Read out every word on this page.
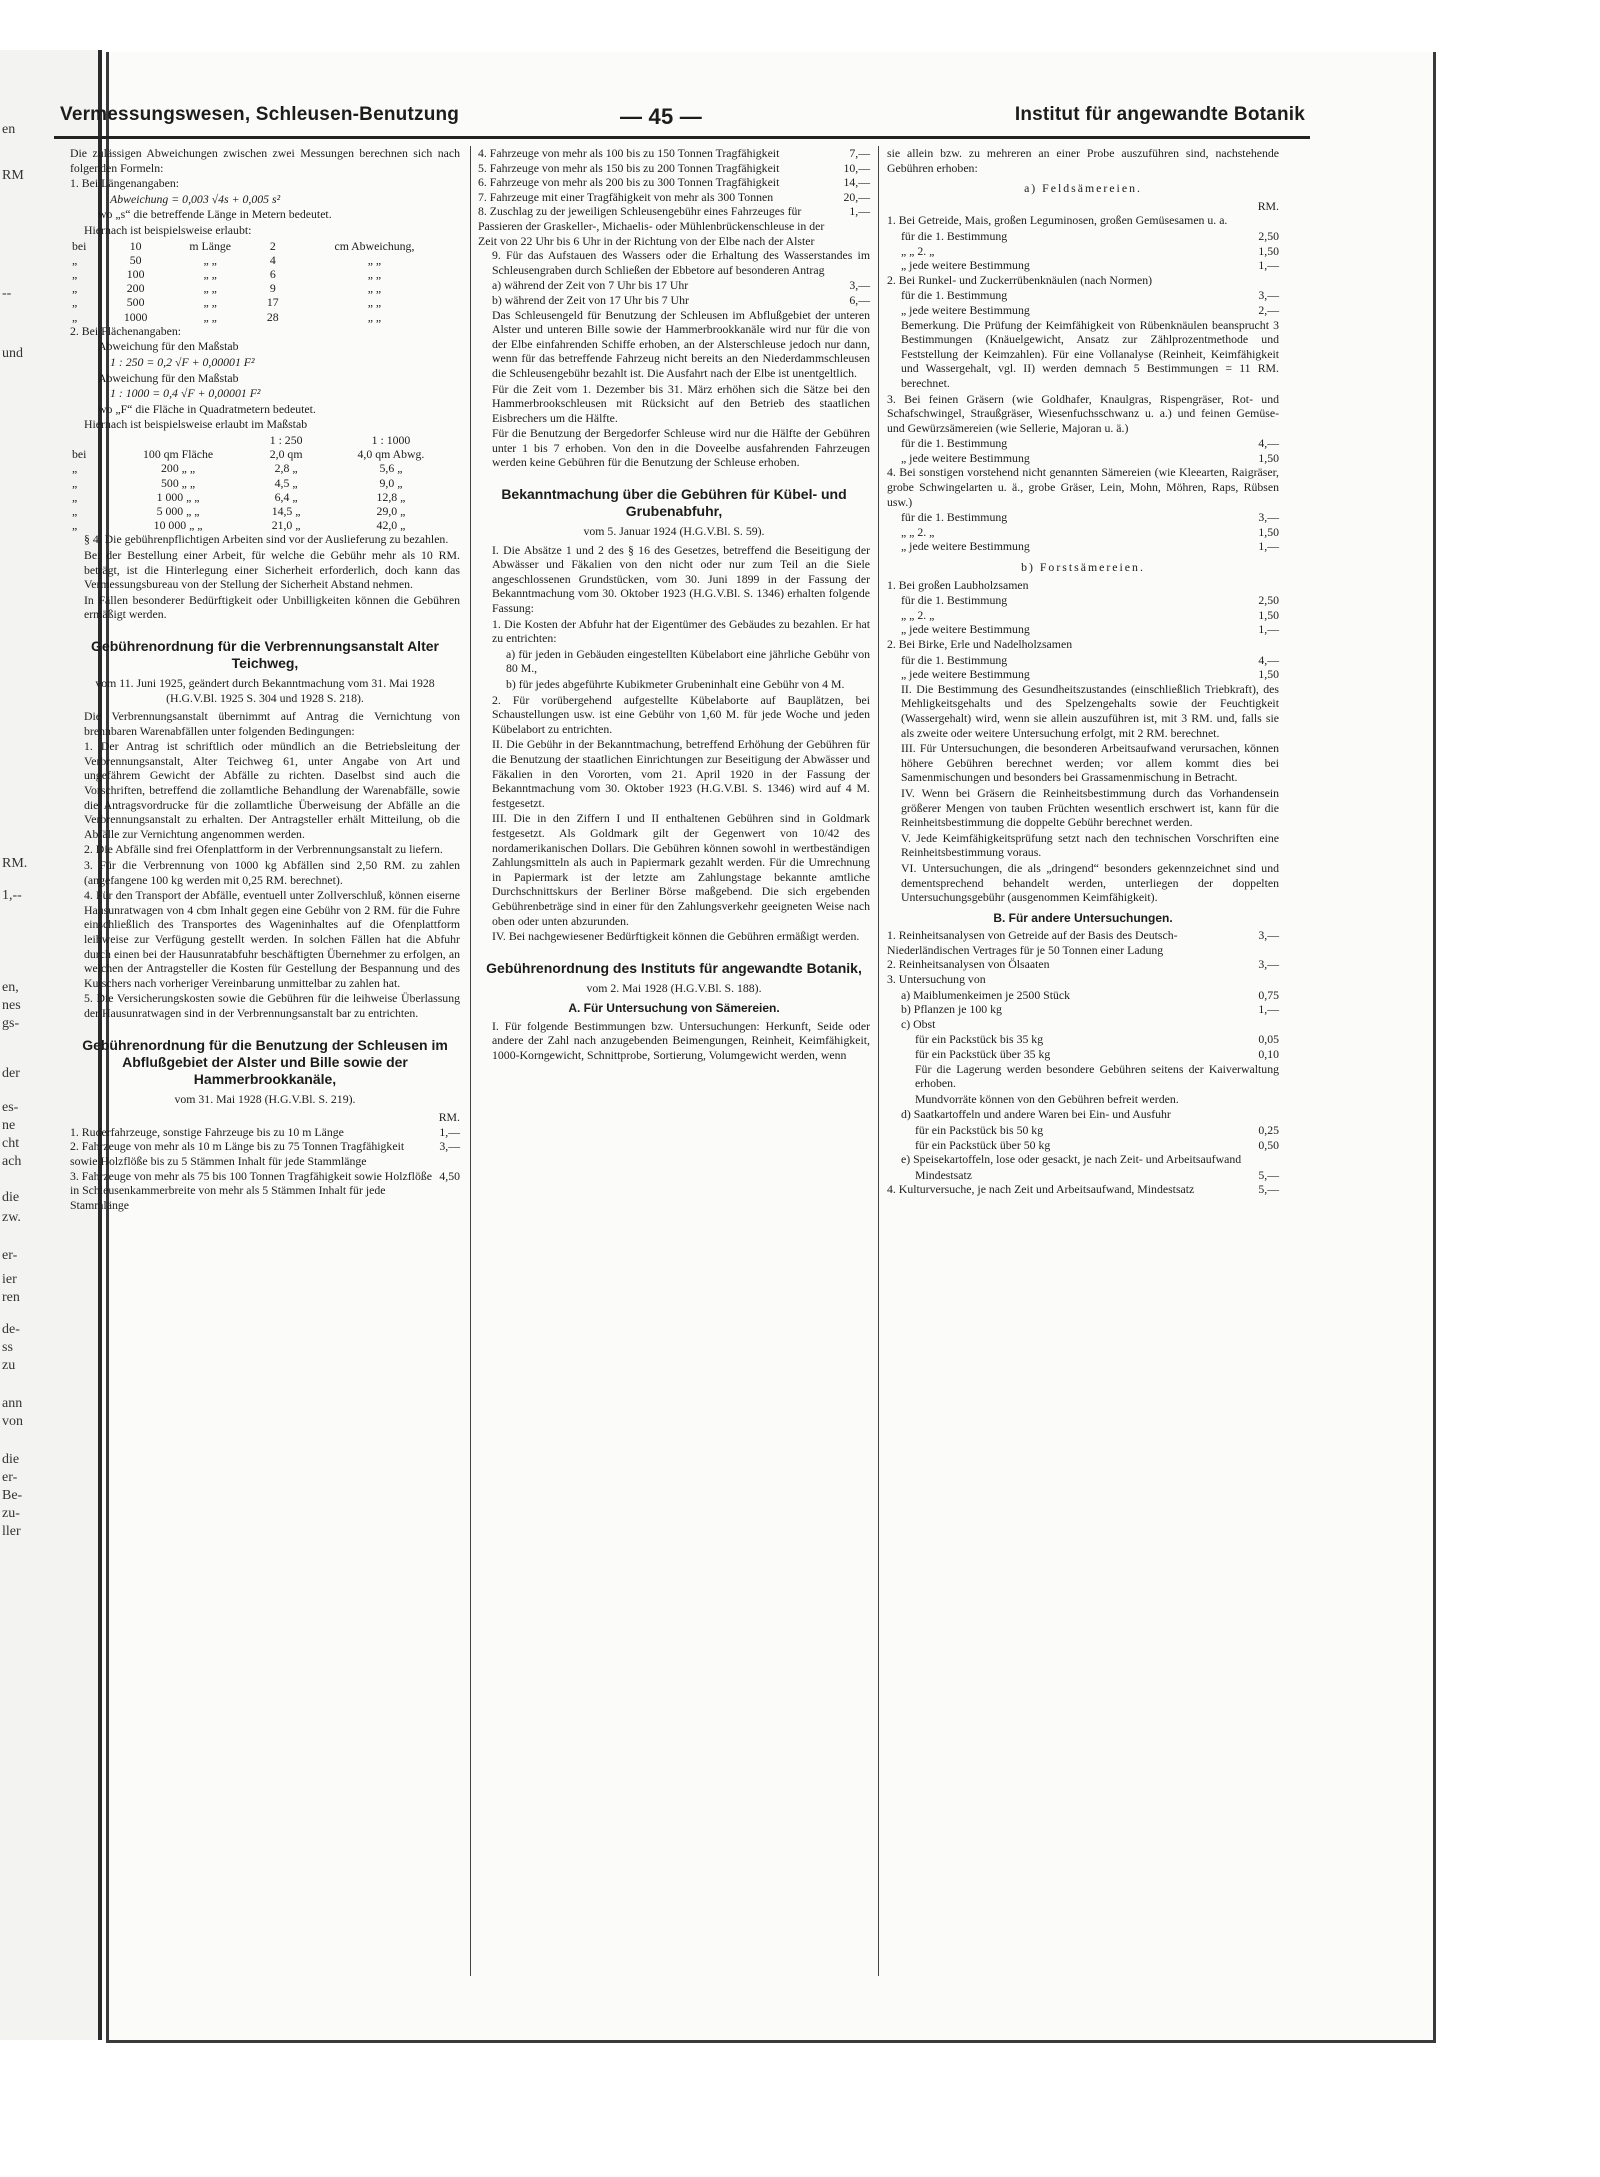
en
RM
--
und
RM.
1,--
en,
nes
gs-
der
es-
ne
cht
ach
die
zw.
er-
ier
ren
de-
ss
zu
ann
von
die
er-
Be-
zu-
ller
Vermessungswesen, Schleusen-Benutzung	— 45 —	Institut für angewandte Botanik

Die zulässigen Abweichungen zwischen zwei Messungen berechnen sich nach folgenden Formeln:

1. Bei Längenangaben:

Abweichung = 0,003 √4s + 0,005 s²

wo „s“ die betreffende Länge in Metern bedeutet.

Hiernach ist beispielsweise erlaubt:

bei	10	m Länge	2	cm Abweichung,
„	50	„ „	4	„ „
„	100	„ „	6	„ „
„	200	„ „	9	„ „
„	500	„ „	17	„ „
„	1000	„ „	28	„ „

2. Bei Flächenangaben:

Abweichung für den Maßstab

1 : 250 = 0,2 √F + 0,00001 F²

Abweichung für den Maßstab

1 : 1000 = 0,4 √F + 0,00001 F²

wo „F“ die Fläche in Quadratmetern bedeutet.

Hiernach ist beispielsweise erlaubt im Maßstab

		1 : 250	1 : 1000
bei	100 qm Fläche	2,0 qm	4,0 qm Abwg.
„	200 „ „	2,8 „	5,6 „
„	500 „ „	4,5 „	9,0 „
„	1 000 „ „	6,4 „	12,8 „
„	5 000 „ „	14,5 „	29,0 „
„	10 000 „ „	21,0 „	42,0 „

§ 4. Die gebührenpflichtigen Arbeiten sind vor der Auslieferung zu bezahlen.

Bei der Bestellung einer Arbeit, für welche die Gebühr mehr als 10 RM. beträgt, ist die Hinterlegung einer Sicherheit erforderlich, doch kann das Vermessungsbureau von der Stellung der Sicherheit Abstand nehmen.

In Fällen besonderer Bedürftigkeit oder Unbilligkeiten können die Gebühren ermäßigt werden.

Gebührenordnung für die Verbrennungsanstalt Alter Teichweg,

vom 11. Juni 1925, geändert durch Bekanntmachung vom 31. Mai 1928 (H.G.V.Bl. 1925 S. 304 und 1928 S. 218).

Die Verbrennungsanstalt übernimmt auf Antrag die Vernichtung von brennbaren Warenabfällen unter folgenden Bedingungen:

1. Der Antrag ist schriftlich oder mündlich an die Betriebsleitung der Verbrennungsanstalt, Alter Teichweg 61, unter Angabe von Art und ungefährem Gewicht der Abfälle zu richten. Daselbst sind auch die Vorschriften, betreffend die zollamtliche Behandlung der Warenabfälle, sowie die Antragsvordrucke für die zollamtliche Überweisung der Abfälle an die Verbrennungsanstalt zu erhalten. Der Antragsteller erhält Mitteilung, ob die Abfälle zur Vernichtung angenommen werden.

2. Die Abfälle sind frei Ofenplattform in der Verbrennungsanstalt zu liefern.

3. Für die Verbrennung von 1000 kg Abfällen sind 2,50 RM. zu zahlen (angefangene 100 kg werden mit 0,25 RM. berechnet).

4. Für den Transport der Abfälle, eventuell unter Zollverschluß, können eiserne Hausunratwagen von 4 cbm Inhalt gegen eine Gebühr von 2 RM. für die Fuhre einschließlich des Transportes des Wageninhaltes auf die Ofenplattform leihweise zur Verfügung gestellt werden. In solchen Fällen hat die Abfuhr durch einen bei der Hausunratabfuhr beschäftigten Übernehmer zu erfolgen, an welchen der Antragsteller die Kosten für Gestellung der Bespannung und des Kutschers nach vorheriger Vereinbarung unmittelbar zu zahlen hat.

5. Die Versicherungskosten sowie die Gebühren für die leihweise Überlassung der Hausunratwagen sind in der Verbrennungsanstalt bar zu entrichten.

Gebührenordnung für die Benutzung der Schleusen im Abflußgebiet der Alster und Bille sowie der Hammerbrookkanäle,

vom 31. Mai 1928 (H.G.V.Bl. S. 219).

RM.
1. Ruderfahrzeuge, sonstige Fahrzeuge bis zu 10 m Länge	1,—
2. Fahrzeuge von mehr als 10 m Länge bis zu 75 Tonnen Tragfähigkeit sowie Holzflöße bis zu 5 Stämmen Inhalt für jede Stammlänge
3,—
3. Fahrzeuge von mehr als 75 bis 100 Tonnen Tragfähigkeit sowie Holzflöße in Schleusenkammerbreite von mehr als 5 Stämmen Inhalt für jede Stammlänge
4,50
4. Fahrzeuge von mehr als 100 bis zu 150 Tonnen Tragfähigkeit	7,—
5. Fahrzeuge von mehr als 150 bis zu 200 Tonnen Tragfähigkeit	10,—
6. Fahrzeuge von mehr als 200 bis zu 300 Tonnen Tragfähigkeit	14,—
7. Fahrzeuge mit einer Tragfähigkeit von mehr als 300 Tonnen	20,—
8. Zuschlag zu der jeweiligen Schleusengebühr eines Fahrzeuges für Passieren der Graskeller-, Michaelis- oder Mühlenbrückenschleuse in der Zeit von 22 Uhr bis 6 Uhr in der Richtung von der Elbe nach der Alster
1,—

9. Für das Aufstauen des Wassers oder die Erhaltung des Wasserstandes im Schleusengraben durch Schließen der Ebbetore auf besonderen Antrag

a) während der Zeit von 7 Uhr bis 17 Uhr	3,—
b) während der Zeit von 17 Uhr bis 7 Uhr	6,—

Das Schleusengeld für Benutzung der Schleusen im Abflußgebiet der unteren Alster und unteren Bille sowie der Hammerbrookkanäle wird nur für die von der Elbe einfahrenden Schiffe erhoben, an der Alsterschleuse jedoch nur dann, wenn für das betreffende Fahrzeug nicht bereits an den Niederdammschleusen die Schleusengebühr bezahlt ist. Die Ausfahrt nach der Elbe ist unentgeltlich.

Für die Zeit vom 1. Dezember bis 31. März erhöhen sich die Sätze bei den Hammerbrookschleusen mit Rücksicht auf den Betrieb des staatlichen Eisbrechers um die Hälfte.

Für die Benutzung der Bergedorfer Schleuse wird nur die Hälfte der Gebühren unter 1 bis 7 erhoben. Von den in die Doveelbe ausfahrenden Fahrzeugen werden keine Gebühren für die Benutzung der Schleuse erhoben.

Bekanntmachung über die Gebühren für Kübel- und Grubenabfuhr,

vom 5. Januar 1924 (H.G.V.Bl. S. 59).

I. Die Absätze 1 und 2 des § 16 des Gesetzes, betreffend die Beseitigung der Abwässer und Fäkalien von den nicht oder nur zum Teil an die Siele angeschlossenen Grundstücken, vom 30. Juni 1899 in der Fassung der Bekanntmachung vom 30. Oktober 1923 (H.G.V.Bl. S. 1346) erhalten folgende Fassung:

1. Die Kosten der Abfuhr hat der Eigentümer des Gebäudes zu bezahlen. Er hat zu entrichten:

a) für jeden in Gebäuden eingestellten Kübelabort eine jährliche Gebühr von 80 M.,

b) für jedes abgeführte Kubikmeter Grubeninhalt eine Gebühr von 4 M.

2. Für vorübergehend aufgestellte Kübelaborte auf Bauplätzen, bei Schaustellungen usw. ist eine Gebühr von 1,60 M. für jede Woche und jeden Kübelabort zu entrichten.

II. Die Gebühr in der Bekanntmachung, betreffend Erhöhung der Gebühren für die Benutzung der staatlichen Einrichtungen zur Beseitigung der Abwässer und Fäkalien in den Vororten, vom 21. April 1920 in der Fassung der Bekanntmachung vom 30. Oktober 1923 (H.G.V.Bl. S. 1346) wird auf 4 M. festgesetzt.

III. Die in den Ziffern I und II enthaltenen Gebühren sind in Goldmark festgesetzt. Als Goldmark gilt der Gegenwert von 10/42 des nordamerikanischen Dollars. Die Gebühren können sowohl in wertbeständigen Zahlungsmitteln als auch in Papiermark gezahlt werden. Für die Umrechnung in Papiermark ist der letzte am Zahlungstage bekannte amtliche Durchschnittskurs der Berliner Börse maßgebend. Die sich ergebenden Gebührenbeträge sind in einer für den Zahlungsverkehr geeigneten Weise nach oben oder unten abzurunden.

IV. Bei nachgewiesener Bedürftigkeit können die Gebühren ermäßigt werden.

Gebührenordnung des Instituts für angewandte Botanik,

vom 2. Mai 1928 (H.G.V.Bl. S. 188).

A. Für Untersuchung von Sämereien.

I. Für folgende Bestimmungen bzw. Untersuchungen: Herkunft, Seide oder andere der Zahl nach anzugebenden Beimengungen, Reinheit, Keimfähigkeit, 1000-Korngewicht, Schnittprobe, Sortierung, Volumgewicht werden, wenn

sie allein bzw. zu mehreren an einer Probe auszuführen sind, nachstehende Gebühren erhoben:

a) Feldsämereien.

RM.

1. Bei Getreide, Mais, großen Leguminosen, großen Gemüsesamen u. a.

für die 1. Bestimmung	2,50
„ „ 2. „	1,50
„ jede weitere Bestimmung	1,—

2. Bei Runkel- und Zuckerrübenknäulen (nach Normen)

für die 1. Bestimmung	3,—
„ jede weitere Bestimmung	2,—

Bemerkung. Die Prüfung der Keimfähigkeit von Rübenknäulen beansprucht 3 Bestimmungen (Knäuelgewicht, Ansatz zur Zählprozentmethode und Feststellung der Keimzahlen). Für eine Vollanalyse (Reinheit, Keimfähigkeit und Wassergehalt, vgl. II) werden demnach 5 Bestimmungen = 11 RM. berechnet.

3. Bei feinen Gräsern (wie Goldhafer, Knaulgras, Rispengräser, Rot- und Schafschwingel, Straußgräser, Wiesenfuchsschwanz u. a.) und feinen Gemüse- und Gewürzsämereien (wie Sellerie, Majoran u. ä.)

für die 1. Bestimmung	4,—
„ jede weitere Bestimmung	1,50

4. Bei sonstigen vorstehend nicht genannten Sämereien (wie Kleearten, Raigräser, grobe Schwingelarten u. ä., grobe Gräser, Lein, Mohn, Möhren, Raps, Rübsen usw.)

für die 1. Bestimmung	3,—
„ „ 2. „	1,50
„ jede weitere Bestimmung	1,—

b) Forstsämereien.

1. Bei großen Laubholzsamen

für die 1. Bestimmung	2,50
„ „ 2. „	1,50
„ jede weitere Bestimmung	1,—

2. Bei Birke, Erle und Nadelholzsamen

für die 1. Bestimmung	4,—
„ jede weitere Bestimmung	1,50

II. Die Bestimmung des Gesundheitszustandes (einschließlich Triebkraft), des Mehligkeitsgehalts und des Spelzengehalts sowie der Feuchtigkeit (Wassergehalt) wird, wenn sie allein auszuführen ist, mit 3 RM. und, falls sie als zweite oder weitere Untersuchung erfolgt, mit 2 RM. berechnet.

III. Für Untersuchungen, die besonderen Arbeitsaufwand verursachen, können höhere Gebühren berechnet werden; vor allem kommt dies bei Samenmischungen und besonders bei Grassamenmischung in Betracht.

IV. Wenn bei Gräsern die Reinheitsbestimmung durch das Vorhandensein größerer Mengen von tauben Früchten wesentlich erschwert ist, kann für die Reinheitsbestimmung die doppelte Gebühr berechnet werden.

V. Jede Keimfähigkeitsprüfung setzt nach den technischen Vorschriften eine Reinheitsbestimmung voraus.

VI. Untersuchungen, die als „dringend“ besonders gekennzeichnet sind und dementsprechend behandelt werden, unterliegen der doppelten Untersuchungsgebühr (ausgenommen Keimfähigkeit).

B. Für andere Untersuchungen.
1. Reinheitsanalysen von Getreide auf der Basis des Deutsch-Niederländischen Vertrages für je 50 Tonnen einer Ladung
3,—
2. Reinheitsanalysen von Ölsaaten	3,—

3. Untersuchung von

a) Maiblumenkeimen je 2500 Stück	0,75
b) Pflanzen je 100 kg	1,—

c) Obst

für ein Packstück bis 35 kg	0,05
für ein Packstück über 35 kg	0,10

Für die Lagerung werden besondere Gebühren seitens der Kaiverwaltung erhoben.

Mundvorräte können von den Gebühren befreit werden.

d) Saatkartoffeln und andere Waren bei Ein- und Ausfuhr

für ein Packstück bis 50 kg	0,25
für ein Packstück über 50 kg	0,50

e) Speisekartoffeln, lose oder gesackt, je nach Zeit- und Arbeitsaufwand

Mindestsatz	5,—
4. Kulturversuche, je nach Zeit und Arbeitsaufwand, Mindestsatz	5,—
